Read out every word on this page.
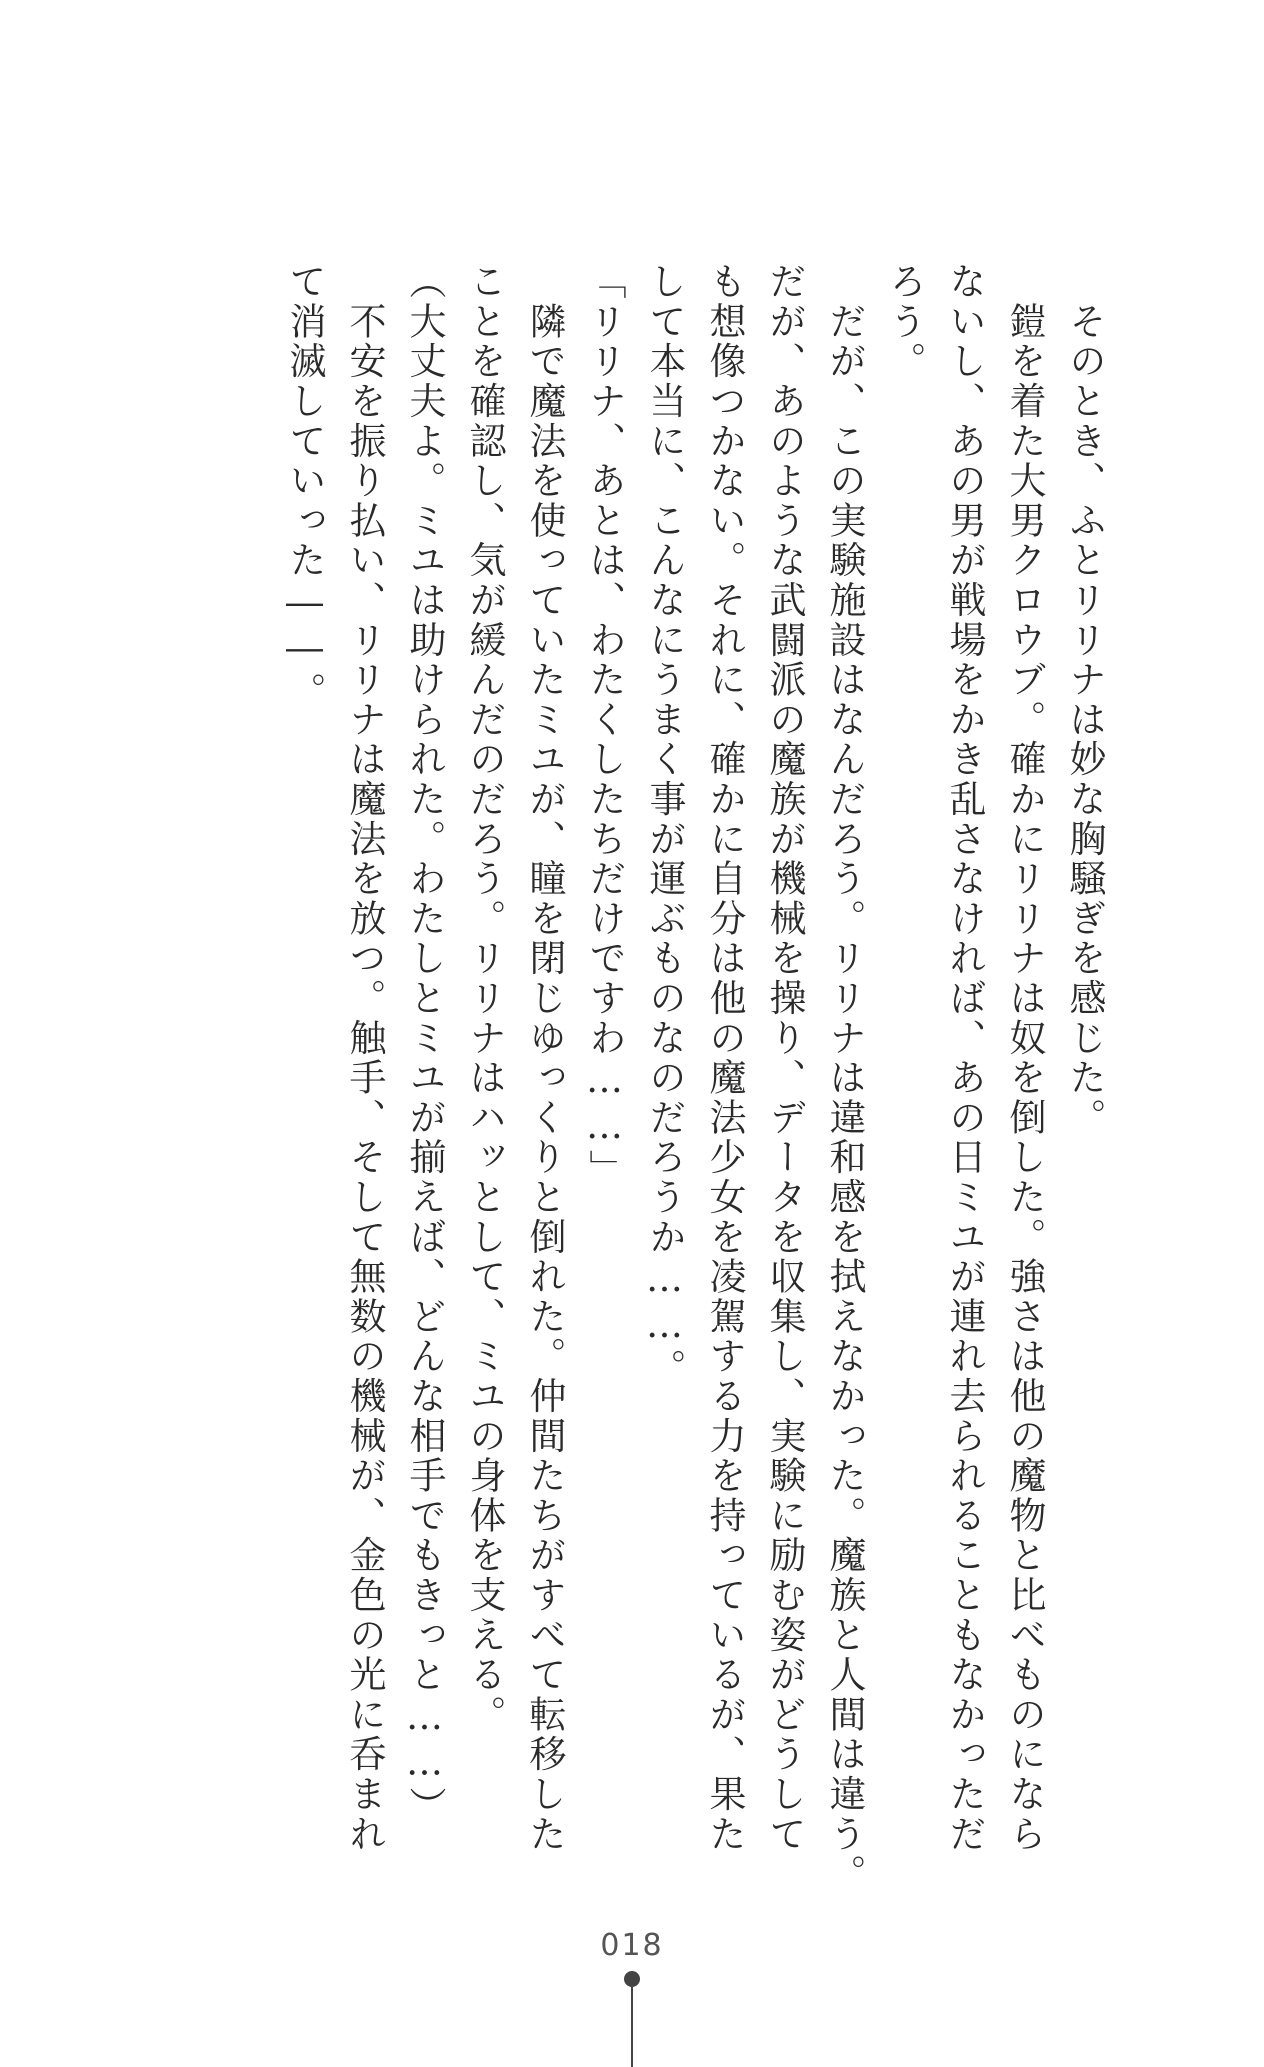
　そのとき、ふとリリナは妙な胸騒ぎを感じた。

　鎧を着た大男クロウブ。確かにリリナは奴を倒した。強さは他の魔物と比べものになら

ないし、あの男が戦場をかき乱さなければ、あの日ミユが連れ去られることもなかっただ

ろう。

　だが、この実験施設はなんだろう。リリナは違和感を拭えなかった。魔族と人間は違う。

だが、あのような武闘派の魔族が機械を操り、データを収集し、実験に励む姿がどうして

も想像つかない。それに、確かに自分は他の魔法少女を凌駕する力を持っているが、果た

して本当に、こんなにうまく事が運ぶものなのだろうか……。

「リリナ、あとは、わたくしたちだけですわ……」

　隣で魔法を使っていたミユが、瞳を閉じゆっくりと倒れた。仲間たちがすべて転移した

ことを確認し、気が緩んだのだろう。リリナはハッとして、ミユの身体を支える。

（大丈夫よ。ミユは助けられた。わたしとミユが揃えば、どんな相手でもきっと……）

　不安を振り払い、リリナは魔法を放つ。触手、そして無数の機械が、金色の光に呑まれ

て消滅していった――。

018
